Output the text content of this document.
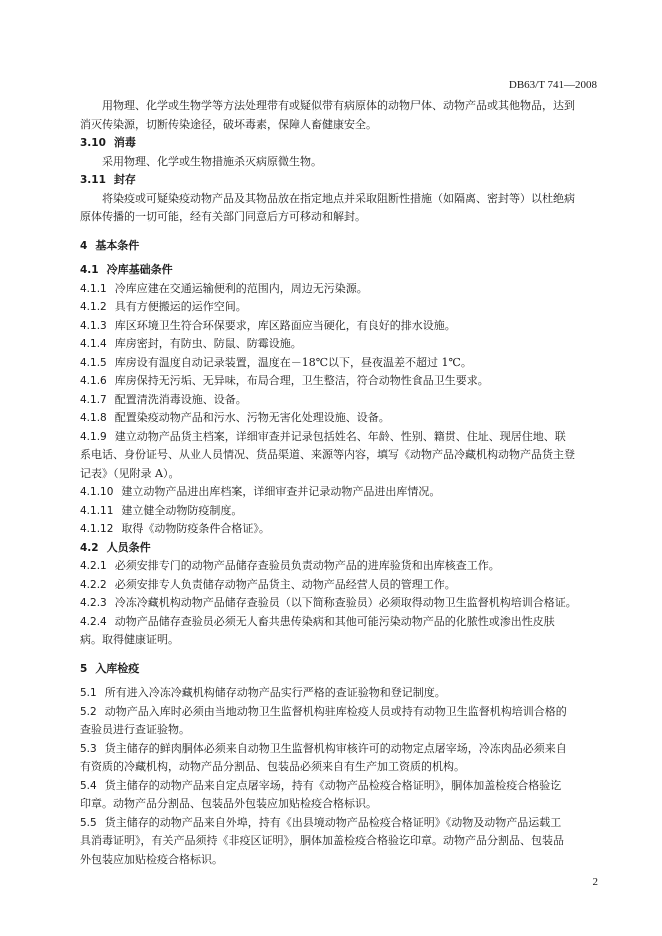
DB63/T 741—2008

用物理、化学或生物学等方法处理带有或疑似带有病原体的动物尸体、动物产品或其他物品，达到

消灭传染源，切断传染途径，破坏毒素，保障人畜健康安全。

3.10 消毒

采用物理、化学或生物措施杀灭病原微生物。

3.11 封存

将染疫或可疑染疫动物产品及其物品放在指定地点并采取阻断性措施（如隔离、密封等）以杜绝病

原体传播的一切可能，经有关部门同意后方可移动和解封。

4 基本条件

4.1 冷库基础条件

4.1.1 冷库应建在交通运输便利的范围内，周边无污染源。

4.1.2 具有方便搬运的运作空间。

4.1.3 库区环境卫生符合环保要求，库区路面应当硬化，有良好的排水设施。

4.1.4 库房密封，有防虫、防鼠、防霉设施。

4.1.5 库房设有温度自动记录装置，温度在－18℃以下，昼夜温差不超过 1℃。

4.1.6 库房保持无污垢、无异味，布局合理，卫生整洁，符合动物性食品卫生要求。

4.1.7 配置清洗消毒设施、设备。

4.1.8 配置染疫动物产品和污水、污物无害化处理设施、设备。

4.1.9 建立动物产品货主档案，详细审查并记录包括姓名、年龄、性别、籍贯、住址、现居住地、联

系电话、身份证号、从业人员情况、货品渠道、来源等内容，填写《动物产品冷藏机构动物产品货主登

记表》（见附录 A）。

4.1.10 建立动物产品进出库档案，详细审查并记录动物产品进出库情况。

4.1.11 建立健全动物防疫制度。

4.1.12 取得《动物防疫条件合格证》。

4.2 人员条件

4.2.1 必须安排专门的动物产品储存查验员负责动物产品的进库验货和出库核查工作。

4.2.2 必须安排专人负责储存动物产品货主、动物产品经营人员的管理工作。

4.2.3 冷冻冷藏机构动物产品储存查验员（以下简称查验员）必须取得动物卫生监督机构培训合格证。

4.2.4 动物产品储存查验员必须无人畜共患传染病和其他可能污染动物产品的化脓性或渗出性皮肤

病。取得健康证明。

5 入库检疫

5.1 所有进入冷冻冷藏机构储存动物产品实行严格的查证验物和登记制度。

5.2 动物产品入库时必须由当地动物卫生监督机构驻库检疫人员或持有动物卫生监督机构培训合格的

查验员进行查证验物。

5.3 货主储存的鲜肉胴体必须来自动物卫生监督机构审核许可的动物定点屠宰场，冷冻肉品必须来自

有资质的冷藏机构，动物产品分割品、包装品必须来自有生产加工资质的机构。

5.4 货主储存的动物产品来自定点屠宰场，持有《动物产品检疫合格证明》，胴体加盖检疫合格验讫

印章。动物产品分割品、包装品外包装应加贴检疫合格标识。

5.5 货主储存的动物产品来自外埠，持有《出县境动物产品检疫合格证明》《动物及动物产品运载工

具消毒证明》，有关产品须持《非疫区证明》，胴体加盖检疫合格验讫印章。动物产品分割品、包装品

外包装应加贴检疫合格标识。

2
